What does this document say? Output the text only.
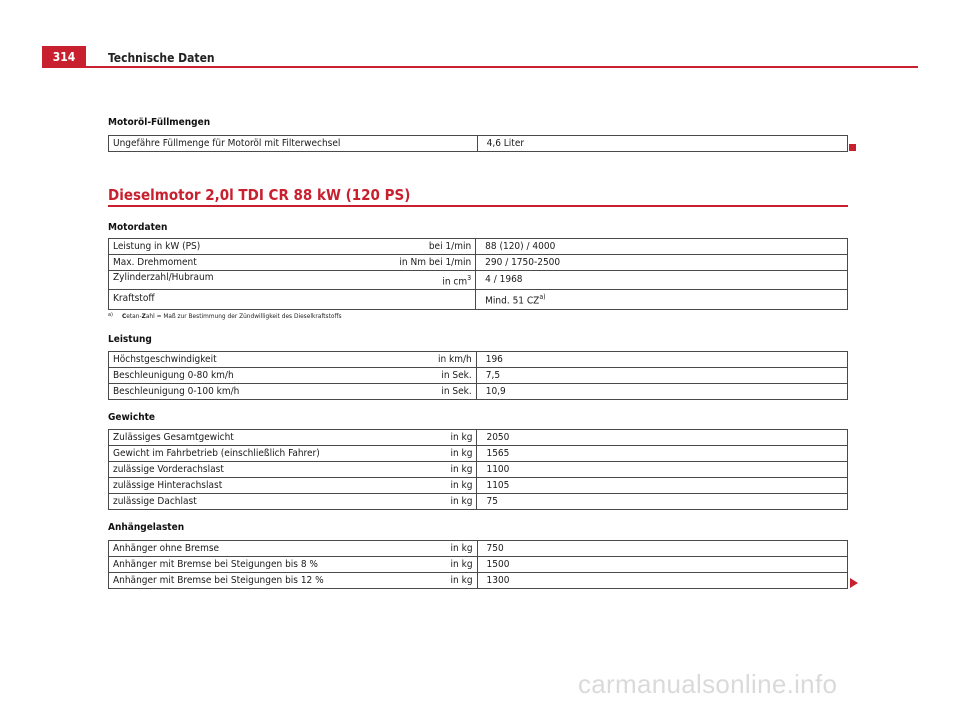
314	Technische Daten
Motoröl-Füllmengen
Ungefähre Füllmenge für Motoröl mit Filterwechsel	4,6 Liter
Dieselmotor 2,0l TDI CR 88 kW (120 PS)
Motordaten
Leistung in kW (PS) bei 1/min	88 (120) / 4000

Max. Drehmoment in Nm bei 1/min	290 / 1750-2500

Zylinderzahl/Hubraum in $cm^3$	4 / 1968

Kraftstoff	Mind. 51 CZ$^{a)}$
$^{a)}$ Cetan-Zahl = Maß zur Bestimmung der Zündwilligkeit des Dieselkraftstoffs
Leistung
Höchstgeschwindigkeit in km/h	196

Beschleunigung 0-80 km/h in Sek.	7,5

Beschleunigung 0-100 km/h in Sek.	10,9
Gewichte
Zulässiges Gesamtgewicht in kg	2050

Gewicht im Fahrbetrieb (einschließlich Fahrer) in kg	1565

zulässige Vorderachslast in kg	1100

zulässige Hinterachslast in kg	1105

zulässige Dachlast in kg	75
Anhängelasten
Anhänger ohne Bremse in kg	750

Anhänger mit Bremse bei Steigungen bis 8 % in kg	1500

Anhänger mit Bremse bei Steigungen bis 12 % in kg	1300
carmanualsonline.info
